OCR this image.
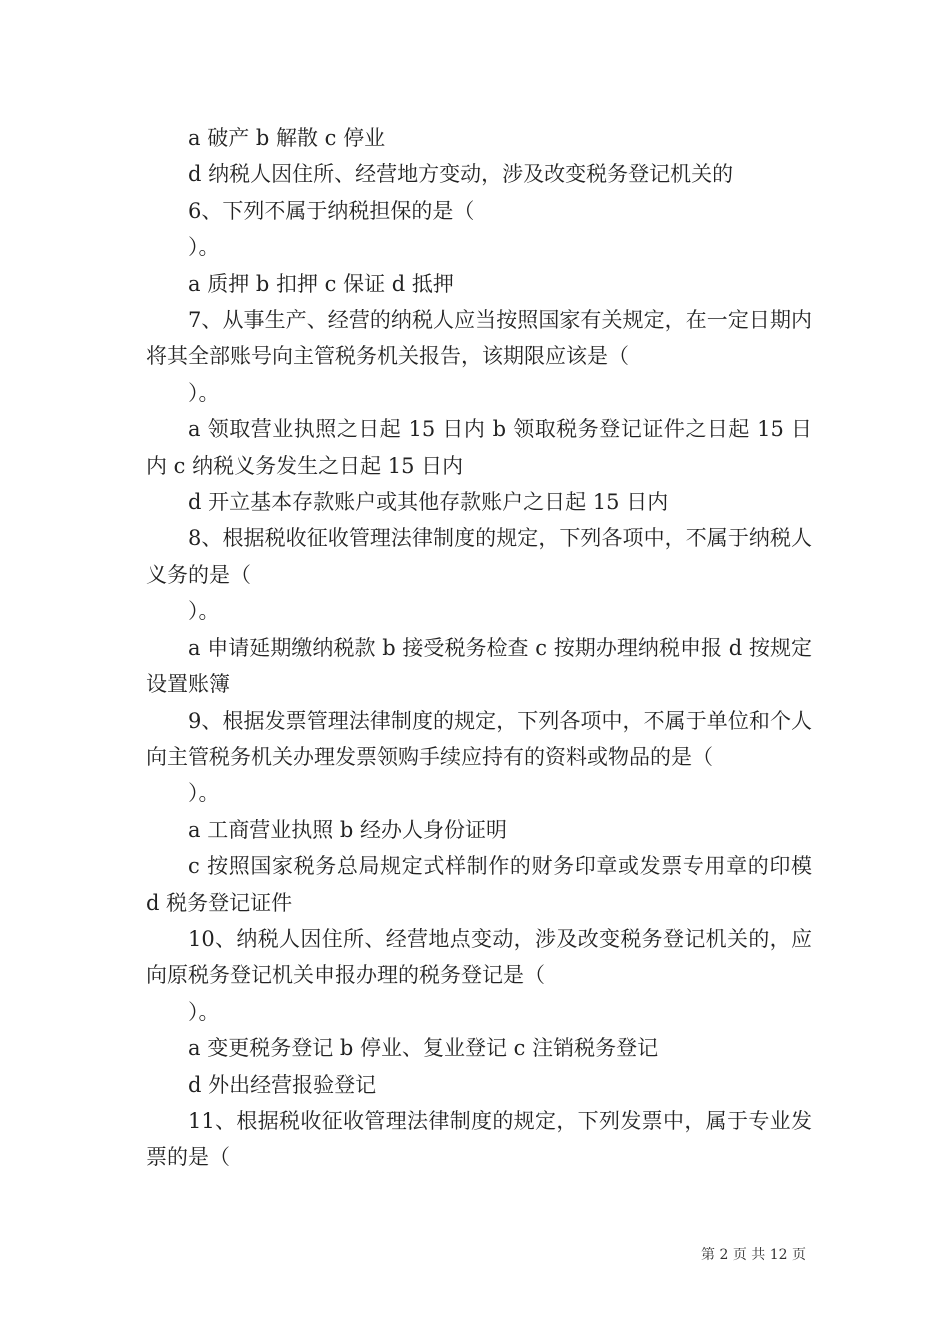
a 破产 b 解散 c 停业

d 纳税人因住所、经营地方变动，涉及改变税务登记机关的

6、下列不属于纳税担保的是（

）。

a 质押 b 扣押 c 保证 d 抵押

7、从事生产、经营的纳税人应当按照国家有关规定，在一定日期内将其全部账号向主管税务机关报告，该期限应该是（

）。

a 领取营业执照之日起 15 日内 b 领取税务登记证件之日起 15 日内 c 纳税义务发生之日起 15 日内

d 开立基本存款账户或其他存款账户之日起 15 日内

8、根据税收征收管理法律制度的规定，下列各项中，不属于纳税人义务的是（

）。

a 申请延期缴纳税款 b 接受税务检查 c 按期办理纳税申报 d 按规定设置账簿

9、根据发票管理法律制度的规定，下列各项中，不属于单位和个人向主管税务机关办理发票领购手续应持有的资料或物品的是（

）。

a 工商营业执照 b 经办人身份证明

c 按照国家税务总局规定式样制作的财务印章或发票专用章的印模 d 税务登记证件

10、纳税人因住所、经营地点变动，涉及改变税务登记机关的，应向原税务登记机关申报办理的税务登记是（

）。

a 变更税务登记 b 停业、复业登记 c 注销税务登记

d 外出经营报验登记

11、根据税收征收管理法律制度的规定，下列发票中，属于专业发票的是（

第 2 页 共 12 页
